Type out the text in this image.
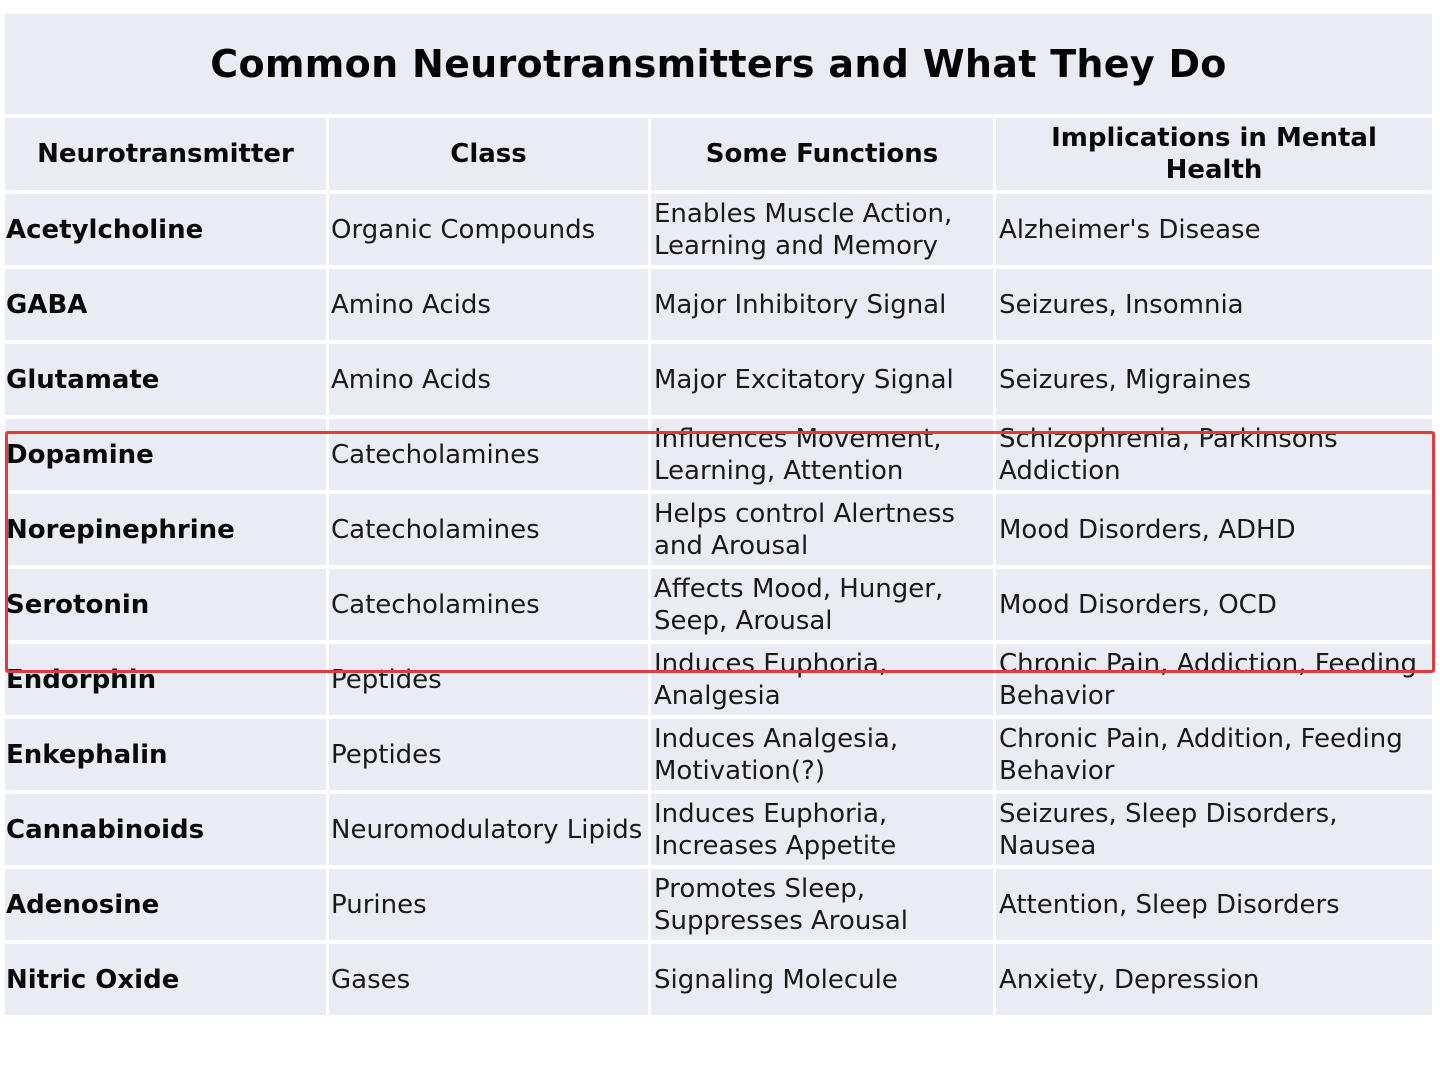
Common Neurotransmitters and What They Do
Neurotransmitter	Class	Some Functions	Implications in Mental Health
Acetylcholine	Organic Compounds	Enables Muscle Action, Learning and Memory	Alzheimer's Disease
GABA	Amino Acids	Major Inhibitory Signal	Seizures, Insomnia
Glutamate	Amino Acids	Major Excitatory Signal	Seizures, Migraines
Dopamine	Catecholamines	Influences Movement, Learning, Attention	Schizophrenia, Parkinsons Addiction
Norepinephrine	Catecholamines	Helps control Alertness and Arousal	Mood Disorders, ADHD
Serotonin	Catecholamines	Affects Mood, Hunger, Seep, Arousal	Mood Disorders, OCD
Endorphin	Peptides	Induces Euphoria, Analgesia	Chronic Pain, Addiction, Feeding Behavior
Enkephalin	Peptides	Induces Analgesia, Motivation(?)	Chronic Pain, Addition, Feeding Behavior
Cannabinoids	Neuromodulatory Lipids	Induces Euphoria, Increases Appetite	Seizures, Sleep Disorders, Nausea
Adenosine	Purines	Promotes Sleep, Suppresses Arousal	Attention, Sleep Disorders
Nitric Oxide	Gases	Signaling Molecule	Anxiety, Depression
